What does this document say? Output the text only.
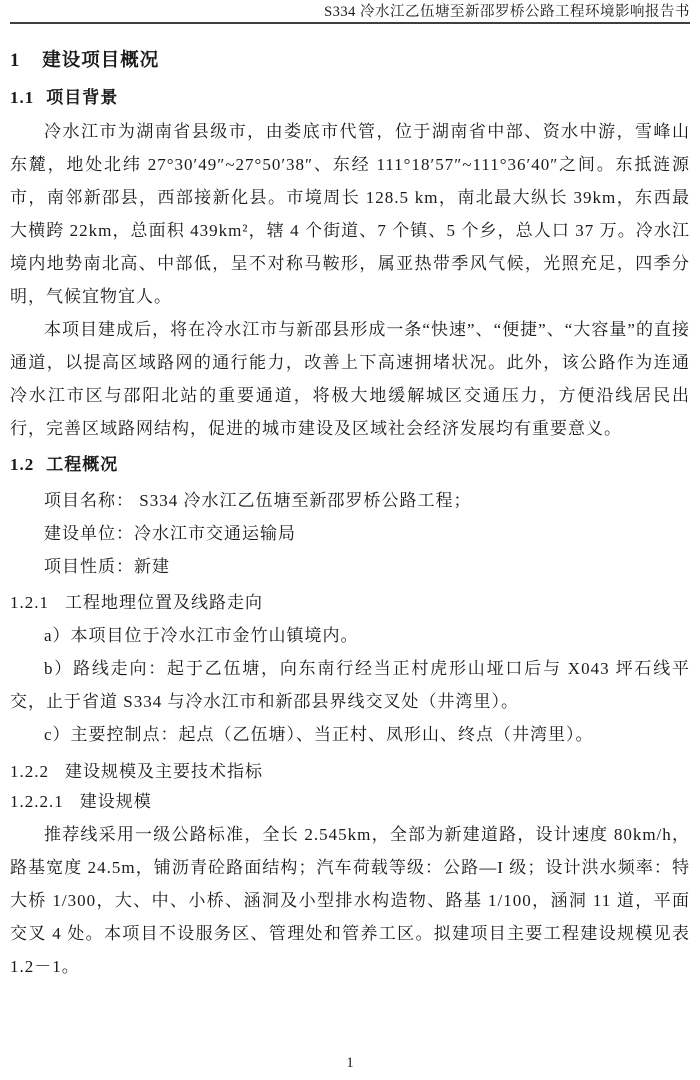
S334 冷水江乙伍塘至新邵罗桥公路工程环境影响报告书
1 建设项目概况
1.1 项目背景

冷水江市为湖南省县级市，由娄底市代管，位于湖南省中部、资水中游，雪峰山东麓，地处北纬 27°30′49″~27°50′38″、东经 111°18′57″~111°36′40″之间。东抵涟源市，南邻新邵县，西部接新化县。市境周长 128.5 km，南北最大纵长 39km，东西最大横跨 22km，总面积 439km²，辖 4 个街道、7 个镇、5 个乡，总人口 37 万。冷水江境内地势南北高、中部低，呈不对称马鞍形，属亚热带季风气候，光照充足，四季分明，气候宜物宜人。

本项目建成后，将在冷水江市与新邵县形成一条“快速”、“便捷”、“大容量”的直接通道，以提高区域路网的通行能力，改善上下高速拥堵状况。此外，该公路作为连通冷水江市区与邵阳北站的重要通道，将极大地缓解城区交通压力，方便沿线居民出行，完善区域路网结构，促进的城市建设及区域社会经济发展均有重要意义。

1.2 工程概况

项目名称： S334 冷水江乙伍塘至新邵罗桥公路工程；

建设单位：冷水江市交通运输局

项目性质：新建

1.2.1 工程地理位置及线路走向

a）本项目位于冷水江市金竹山镇境内。

b）路线走向：起于乙伍塘，向东南行经当正村虎形山垭口后与 X043 坪石线平交，止于省道 S334 与冷水江市和新邵县界线交叉处（井湾里）。

c）主要控制点：起点（乙伍塘）、当正村、凤形山、终点（井湾里）。

1.2.2 建设规模及主要技术指标
1.2.2.1 建设规模

推荐线采用一级公路标准，全长 2.545km，全部为新建道路，设计速度 80km/h，路基宽度 24.5m，铺沥青砼路面结构；汽车荷载等级：公路—I 级；设计洪水频率：特大桥 1/300，大、中、小桥、涵洞及小型排水构造物、路基 1/100，涵洞 11 道，平面交叉 4 处。本项目不设服务区、管理处和管养工区。拟建项目主要工程建设规模见表 1.2－1。

1
